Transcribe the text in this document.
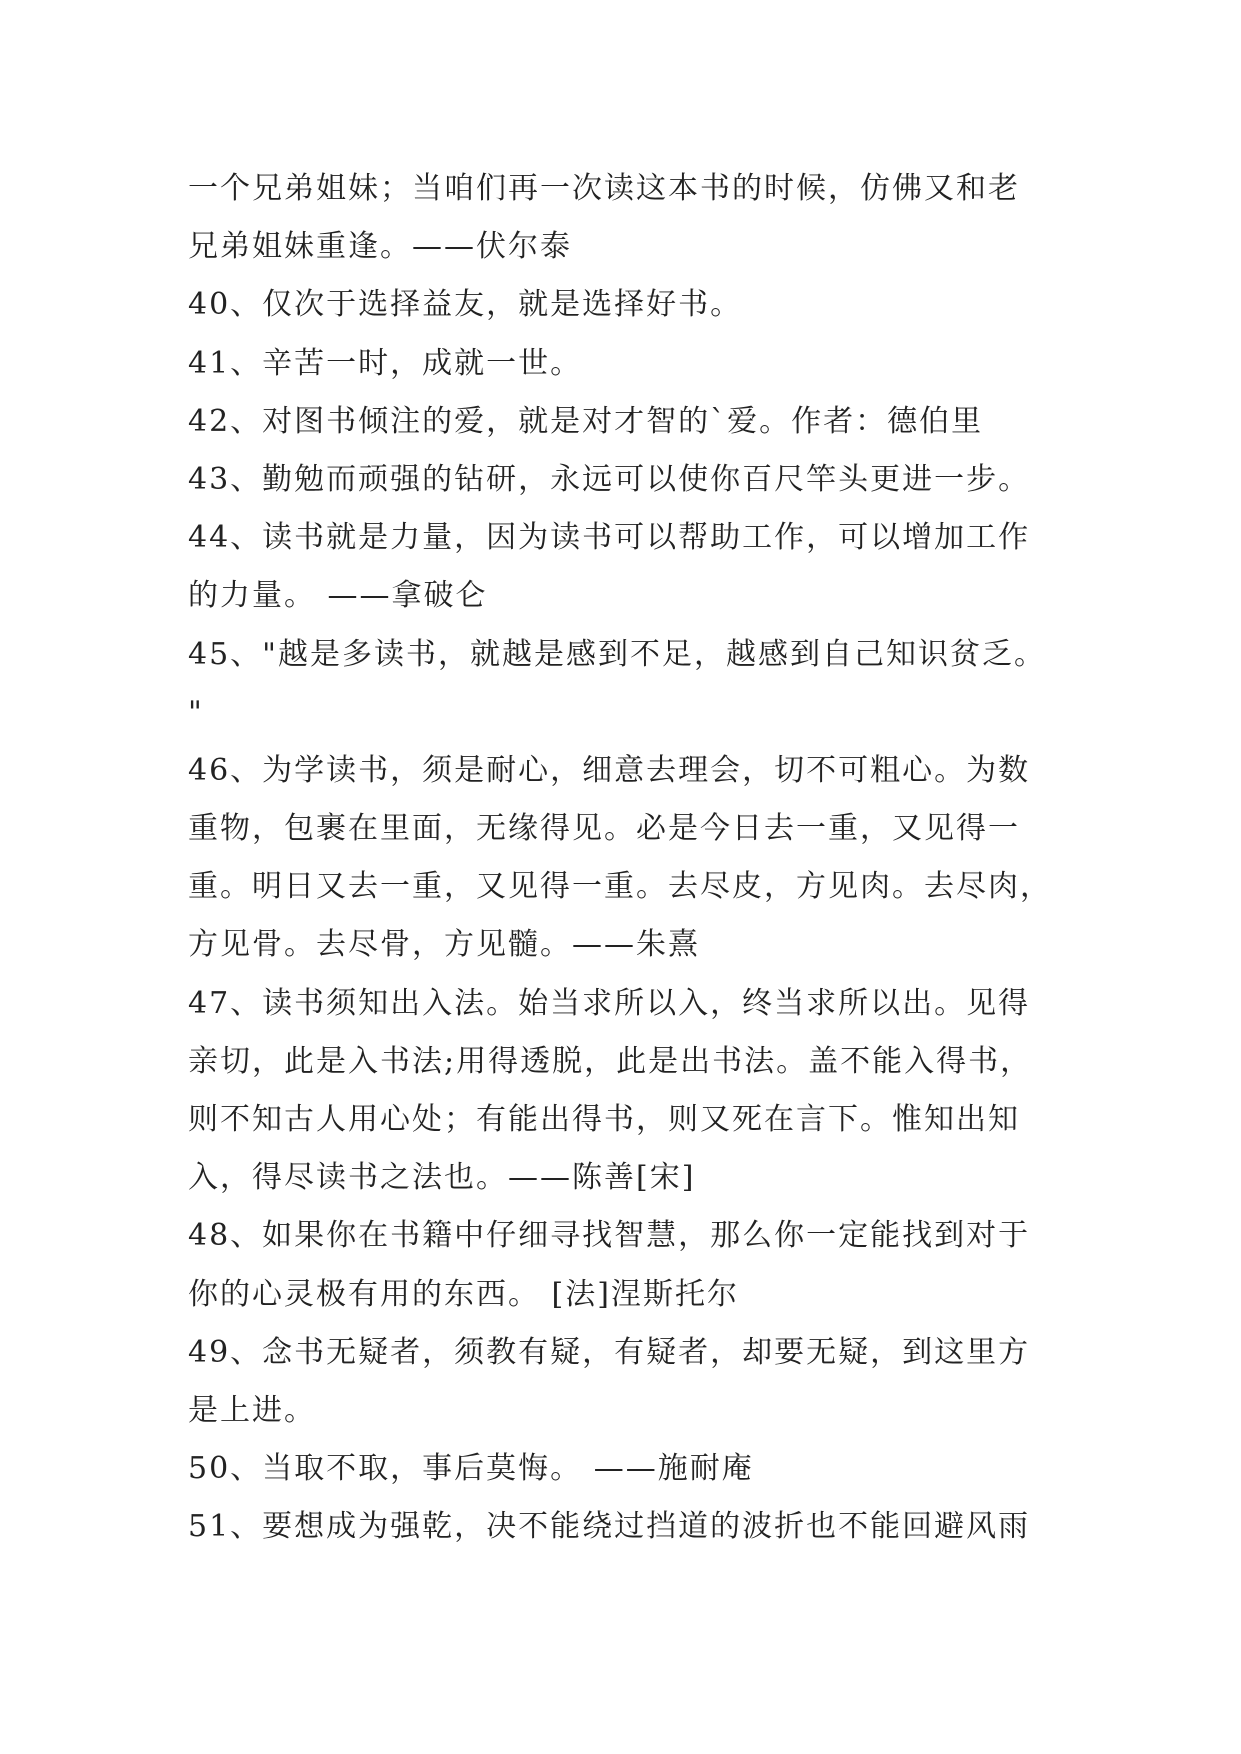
一个兄弟姐妹；当咱们再一次读这本书的时候，仿佛又和老
兄弟姐妹重逢。——伏尔泰
40、仅次于选择益友，就是选择好书。
41、辛苦一时，成就一世。
42、对图书倾注的爱，就是对才智的`爱。作者：德伯里
43、勤勉而顽强的钻研，永远可以使你百尺竿头更进一步。
44、读书就是力量，因为读书可以帮助工作，可以增加工作
的力量。 ——拿破仑
45、"越是多读书，就越是感到不足，越感到自己知识贫乏。
"
46、为学读书，须是耐心，细意去理会，切不可粗心。为数
重物，包裹在里面，无缘得见。必是今日去一重，又见得一
重。明日又去一重，又见得一重。去尽皮，方见肉。去尽肉，
方见骨。去尽骨，方见髓。——朱熹
47、读书须知出入法。始当求所以入，终当求所以出。见得
亲切，此是入书法;用得透脱，此是出书法。盖不能入得书，
则不知古人用心处；有能出得书，则又死在言下。惟知出知
入，得尽读书之法也。——陈善[宋]
48、如果你在书籍中仔细寻找智慧，那么你一定能找到对于
你的心灵极有用的东西。 [法]涅斯托尔
49、念书无疑者，须教有疑，有疑者，却要无疑，到这里方
是上进。
50、当取不取，事后莫悔。 ——施耐庵
51、要想成为强乾，决不能绕过挡道的波折也不能回避风雨
